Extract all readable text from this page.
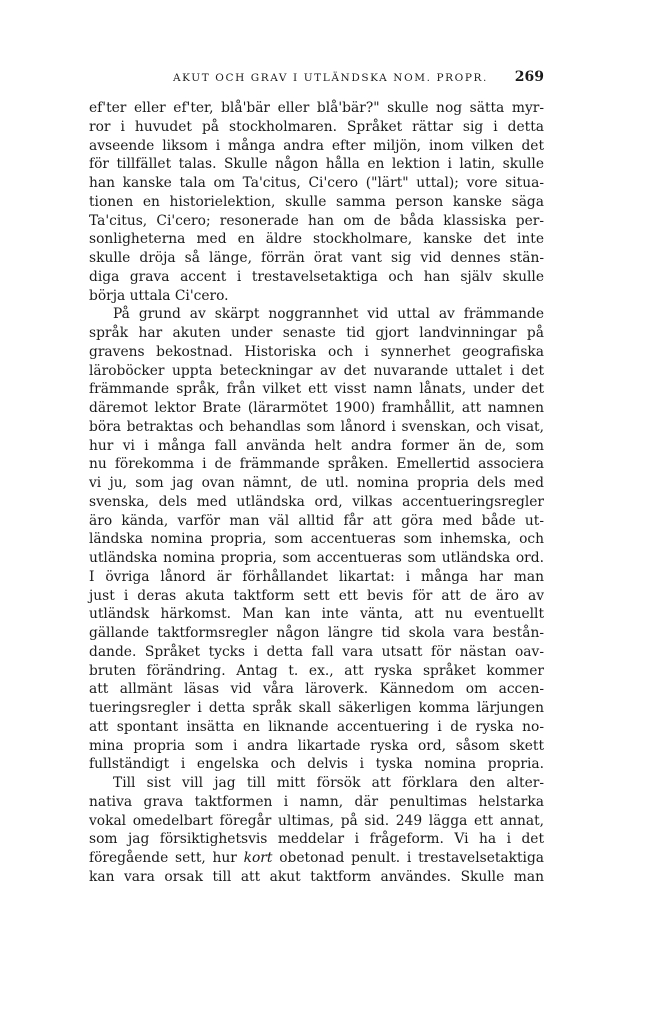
AKUT OCH GRAV I UTLÄNDSKA NOM. PROPR. 269
ef'ter eller ef'ter, blå'bär eller blå'bär?" skulle nog sätta myr-
ror i huvudet på stockholmaren. Språket rättar sig i detta
avseende liksom i många andra efter miljön, inom vilken det
för tillfället talas. Skulle någon hålla en lektion i latin, skulle
han kanske tala om Ta'citus, Ci'cero ("lärt" uttal); vore situa-
tionen en historielektion, skulle samma person kanske säga
Ta'citus, Ci'cero; resonerade han om de båda klassiska per-
sonligheterna med en äldre stockholmare, kanske det inte
skulle dröja så länge, förrän örat vant sig vid dennes stän-
diga grava accent i trestavelsetaktiga och han själv skulle
börja uttala Ci'cero.
På grund av skärpt noggrannhet vid uttal av främmande
språk har akuten under senaste tid gjort landvinningar på
gravens bekostnad. Historiska och i synnerhet geografiska
läroböcker uppta beteckningar av det nuvarande uttalet i det
främmande språk, från vilket ett visst namn lånats, under det
däremot lektor Brate (lärarmötet 1900) framhållit, att namnen
böra betraktas och behandlas som lånord i svenskan, och visat,
hur vi i många fall använda helt andra former än de, som
nu förekomma i de främmande språken. Emellertid associera
vi ju, som jag ovan nämnt, de utl. nomina propria dels med
svenska, dels med utländska ord, vilkas accentueringsregler
äro kända, varför man väl alltid får att göra med både ut-
ländska nomina propria, som accentueras som inhemska, och
utländska nomina propria, som accentueras som utländska ord.
I övriga lånord är förhållandet likartat: i många har man
just i deras akuta taktform sett ett bevis för att de äro av
utländsk härkomst. Man kan inte vänta, att nu eventuellt
gällande taktformsregler någon längre tid skola vara bestån-
dande. Språket tycks i detta fall vara utsatt för nästan oav-
bruten förändring. Antag t. ex., att ryska språket kommer
att allmänt läsas vid våra läroverk. Kännedom om accen-
tueringsregler i detta språk skall säkerligen komma lärjungen
att spontant insätta en liknande accentuering i de ryska no-
mina propria som i andra likartade ryska ord, såsom skett
fullständigt i engelska och delvis i tyska nomina propria.
Till sist vill jag till mitt försök att förklara den alter-
nativa grava taktformen i namn, där penultimas helstarka
vokal omedelbart föregår ultimas, på sid. 249 lägga ett annat,
som jag försiktighetsvis meddelar i frågeform. Vi ha i det
föregående sett, hur kort obetonad penult. i trestavelsetaktiga
kan vara orsak till att akut taktform användes. Skulle man
